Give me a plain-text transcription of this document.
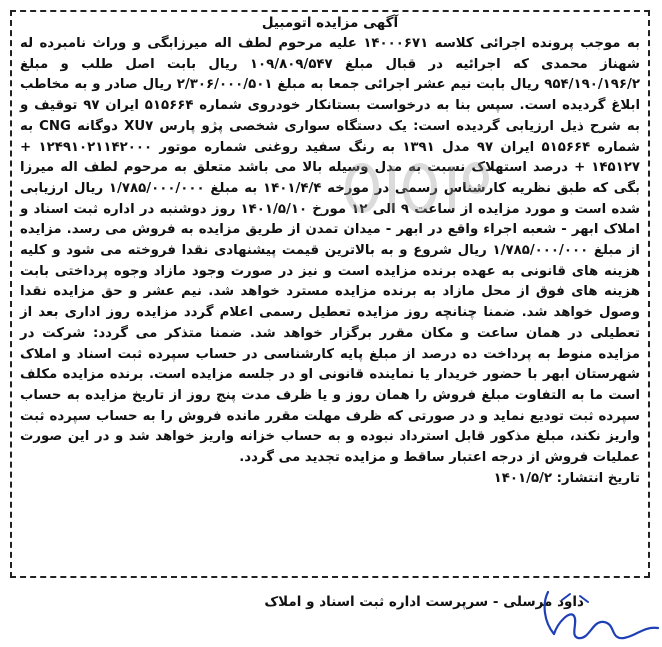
آگهی مزایده اتومبیل

به موجب پرونده اجرائی کلاسه ۱۴۰۰۰۶۷۱ علیه مرحوم لطف اله میرزابگی و وراث نامبرده له شهناز محمدی که اجرائیه در قبال مبلغ ۱۰۹/۸۰۹/۵۴۷ ریال بابت اصل طلب و مبلغ ۹۵۴/۱۹۰/۱۹۶/۲ ریال بابت نیم عشر اجرائی جمعا به مبلغ ۲/۳۰۶/۰۰۰/۵۰۱ ریال صادر و به مخاطب ابلاغ گردیده است. سپس بنا به درخواست بستانکار خودروی شماره ۵۱۵۶۶۴ ایران ۹۷ توقیف و به شرح ذیل ارزیابی گردیده است: یک دستگاه سواری شخصی پژو پارس XU۷ دوگانه CNG به شماره ۵۱۵۶۶۴ ایران ۹۷ مدل ۱۳۹۱ به رنگ سفید روغنی شماره موتور ۱۲۴۹۱۰۲۱۱۴۲۰۰۰ + ۱۴۵۱۲۷ + درصد استهلاک نسبت به مدل وسیله بالا می باشد متعلق به مرحوم لطف اله میرزا بگی که طبق نظریه کارشناس رسمی در مورخه ۱۴۰۱/۴/۴ به مبلغ ۱/۷۸۵/۰۰۰/۰۰۰ ریال ارزیابی شده است و مورد مزایده از ساعت ۹ الی ۱۲ مورخ ۱۴۰۱/۵/۱۰ روز دوشنبه در اداره ثبت اسناد و املاک ابهر - شعبه اجراء واقع در ابهر - میدان تمدن از طریق مزایده به فروش می رسد. مزایده از مبلغ ۱/۷۸۵/۰۰۰/۰۰۰ ریال شروع و به بالاترین قیمت پیشنهادی نقدا فروخته می شود و کلیه هزینه های قانونی به عهده برنده مزایده است و نیز در صورت وجود مازاد وجوه پرداختی بابت هزینه های فوق از محل مازاد به برنده مزایده مسترد خواهد شد. نیم عشر و حق مزایده نقدا وصول خواهد شد. ضمنا چنانچه روز مزایده تعطیل رسمی اعلام گردد مزایده روز اداری بعد از تعطیلی در همان ساعت و مکان مقرر برگزار خواهد شد. ضمنا متذکر می گردد: شرکت در مزایده منوط به پرداخت ده درصد از مبلغ پایه کارشناسی در حساب سپرده ثبت اسناد و املاک شهرستان ابهر با حضور خریدار یا نماینده قانونی او در جلسه مزایده است. برنده مزایده مکلف است ما به التفاوت مبلغ فروش را همان روز و یا ظرف مدت پنج روز از تاریخ مزایده به حساب سپرده ثبت تودیع نماید و در صورتی که ظرف مهلت مقرر مانده فروش را به حساب سپرده ثبت واریز نکند، مبلغ مذکور قابل استرداد نبوده و به حساب خزانه واریز خواهد شد و در این صورت عملیات فروش از درجه اعتبار ساقط و مزایده تجدید می گردد.

تاریخ انتشار: ۱۴۰۱/۵/۲

داود مرسلی - سرپرست اداره ثبت اسناد و املاک
